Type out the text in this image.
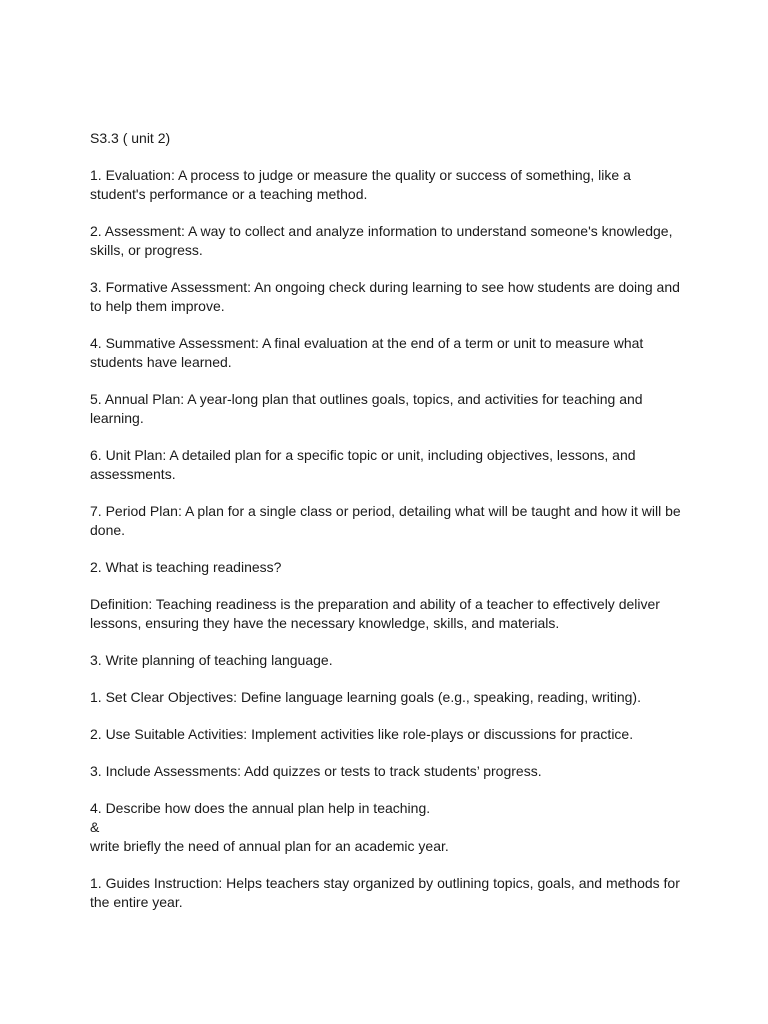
S3.3 ( unit 2)

1. Evaluation: A process to judge or measure the quality or success of something, like a student's performance or a teaching method.

2. Assessment: A way to collect and analyze information to understand someone's knowledge, skills, or progress.

3. Formative Assessment: An ongoing check during learning to see how students are doing and to help them improve.

4. Summative Assessment: A final evaluation at the end of a term or unit to measure what students have learned.

5. Annual Plan: A year-long plan that outlines goals, topics, and activities for teaching and learning.

6. Unit Plan: A detailed plan for a specific topic or unit, including objectives, lessons, and assessments.

7. Period Plan: A plan for a single class or period, detailing what will be taught and how it will be done.

2. What is teaching readiness?

Definition: Teaching readiness is the preparation and ability of a teacher to effectively deliver lessons, ensuring they have the necessary knowledge, skills, and materials.

3. Write planning of teaching language.

1. Set Clear Objectives: Define language learning goals (e.g., speaking, reading, writing).

2. Use Suitable Activities: Implement activities like role-plays or discussions for practice.

3. Include Assessments: Add quizzes or tests to track students’ progress.

4. Describe how does the annual plan help in teaching.
&
write briefly the need of annual plan for an academic year.

1. Guides Instruction: Helps teachers stay organized by outlining topics, goals, and methods for the entire year.
